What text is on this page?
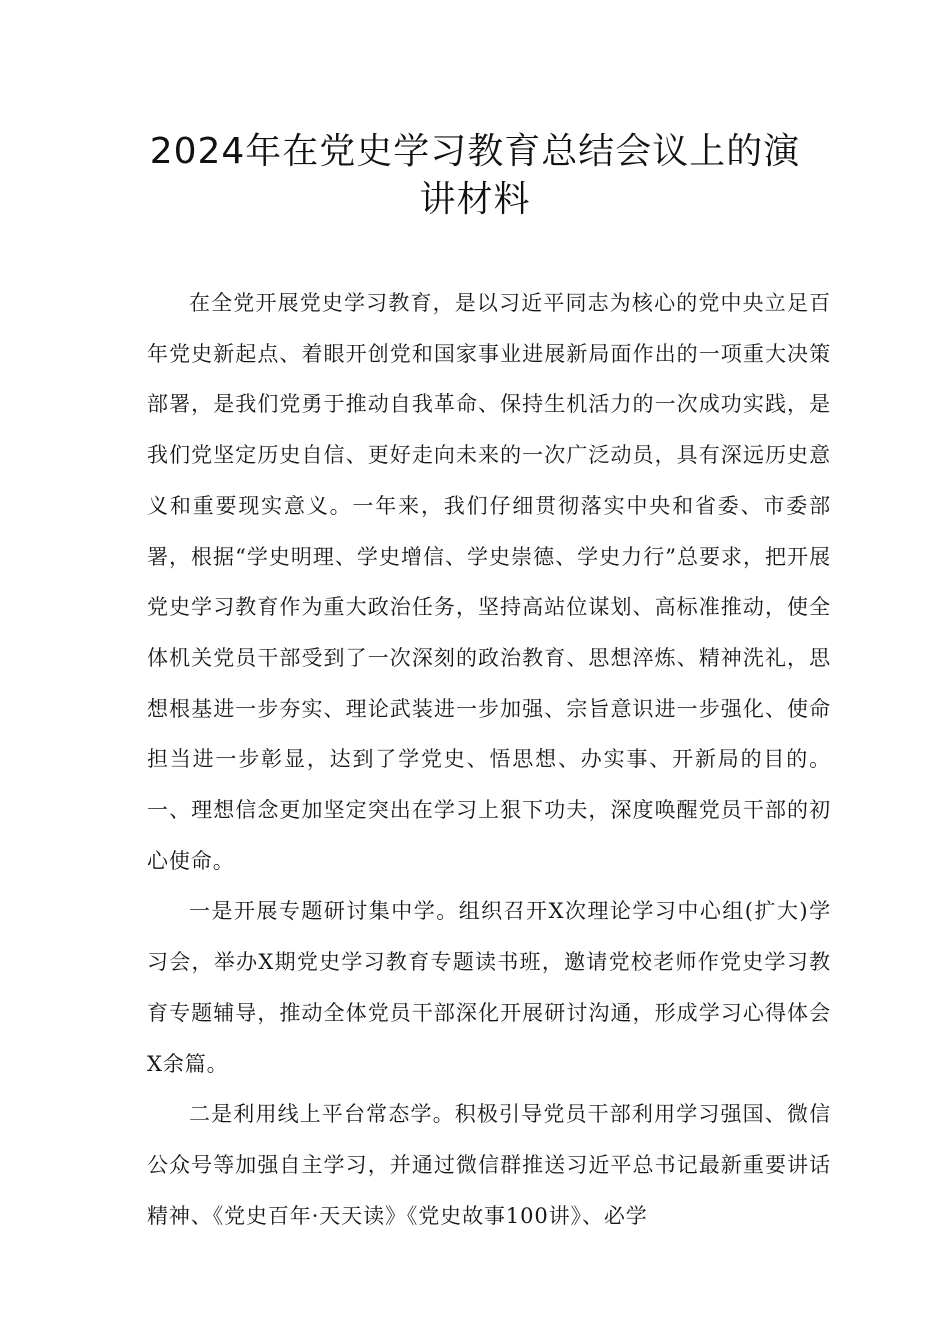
2024年在党史学习教育总结会议上的演
讲材料

在全党开展党史学习教育，是以习近平同志为核心的党中央立足百年党史新起点、着眼开创党和国家事业进展新局面作出的一项重大决策部署，是我们党勇于推动自我革命、保持生机活力的一次成功实践，是我们党坚定历史自信、更好走向未来的一次广泛动员，具有深远历史意义和重要现实意义。一年来，我们仔细贯彻落实中央和省委、市委部署，根据“学史明理、学史增信、学史崇德、学史力行”总要求，把开展党史学习教育作为重大政治任务，坚持高站位谋划、高标准推动，使全体机关党员干部受到了一次深刻的政治教育、思想淬炼、精神洗礼，思想根基进一步夯实、理论武装进一步加强、宗旨意识进一步强化、使命担当进一步彰显，达到了学党史、悟思想、办实事、开新局的目的。一、理想信念更加坚定突出在学习上狠下功夫，深度唤醒党员干部的初心使命。

一是开展专题研讨集中学。组织召开X次理论学习中心组(扩大)学习会，举办X期党史学习教育专题读书班，邀请党校老师作党史学习教育专题辅导，推动全体党员干部深化开展研讨沟通，形成学习心得体会X余篇。

二是利用线上平台常态学。积极引导党员干部利用学习强国、微信公众号等加强自主学习，并通过微信群推送习近平总书记最新重要讲话精神、《党史百年·天天读》《党史故事100讲》、必学
